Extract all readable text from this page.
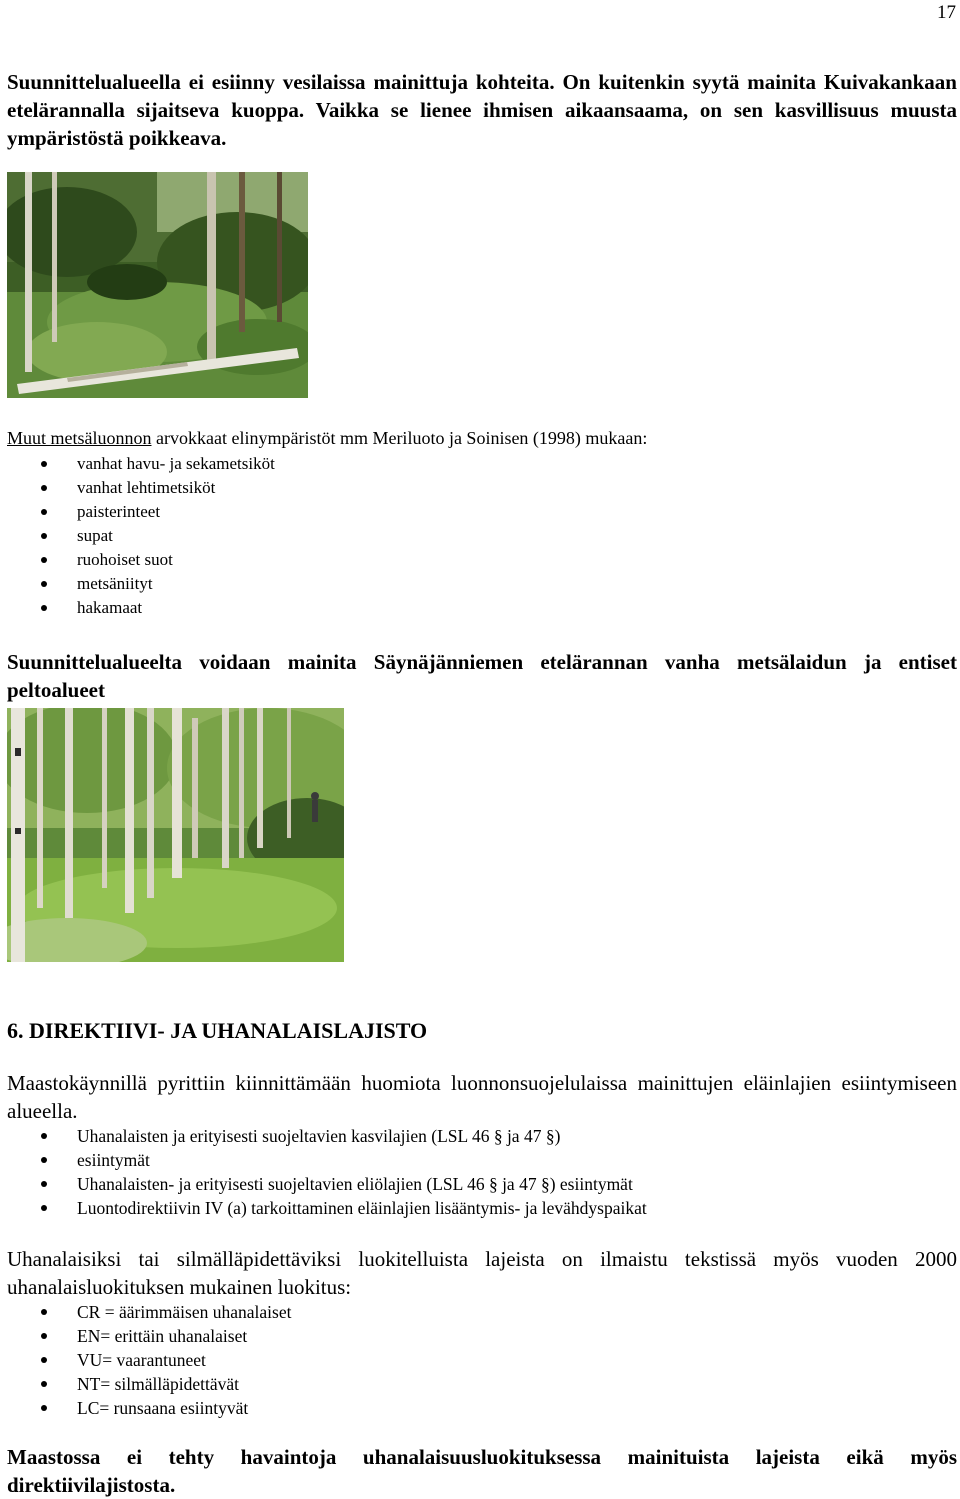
17

Suunnittelualueella ei esiinny vesilaissa mainittuja kohteita. On kuitenkin syytä mainita Kuivakankaan etelärannalla sijaitseva kuoppa. Vaikka se lienee ihmisen aikaansaama, on sen kasvillisuus muusta ympäristöstä poikkeava.

Muut metsäluonnon arvokkaat elinympäristöt mm Meriluoto ja Soinisen (1998) mukaan:

vanhat havu- ja sekametsiköt
vanhat lehtimetsiköt
paisterinteet
supat
ruohoiset suot
metsäniityt
hakamaat

Suunnittelualueelta voidaan mainita Säynäjänniemen etelärannan vanha metsälaidun ja entiset peltoalueet

6. DIREKTIIVI- JA UHANALAISLAJISTO

Maastokäynnillä pyrittiin kiinnittämään huomiota luonnonsuojelulaissa mainittujen eläinlajien esiintymiseen alueella.

Uhanalaisten ja erityisesti suojeltavien kasvilajien (LSL 46 § ja 47 §)
esiintymät
Uhanalaisten- ja erityisesti suojeltavien eliölajien (LSL 46 § ja 47 §) esiintymät
Luontodirektiivin IV (a) tarkoittaminen eläinlajien lisääntymis- ja levähdyspaikat

Uhanalaisiksi tai silmälläpidettäviksi luokitelluista lajeista on ilmaistu tekstissä myös vuoden 2000 uhanalaisluokituksen mukainen luokitus:

CR = äärimmäisen uhanalaiset
EN= erittäin uhanalaiset
VU= vaarantuneet
NT= silmälläpidettävät
LC= runsaana esiintyvät

Maastossa ei tehty havaintoja uhanalaisuusluokituksessa mainituista lajeista eikä myös direktiivilajistosta.
